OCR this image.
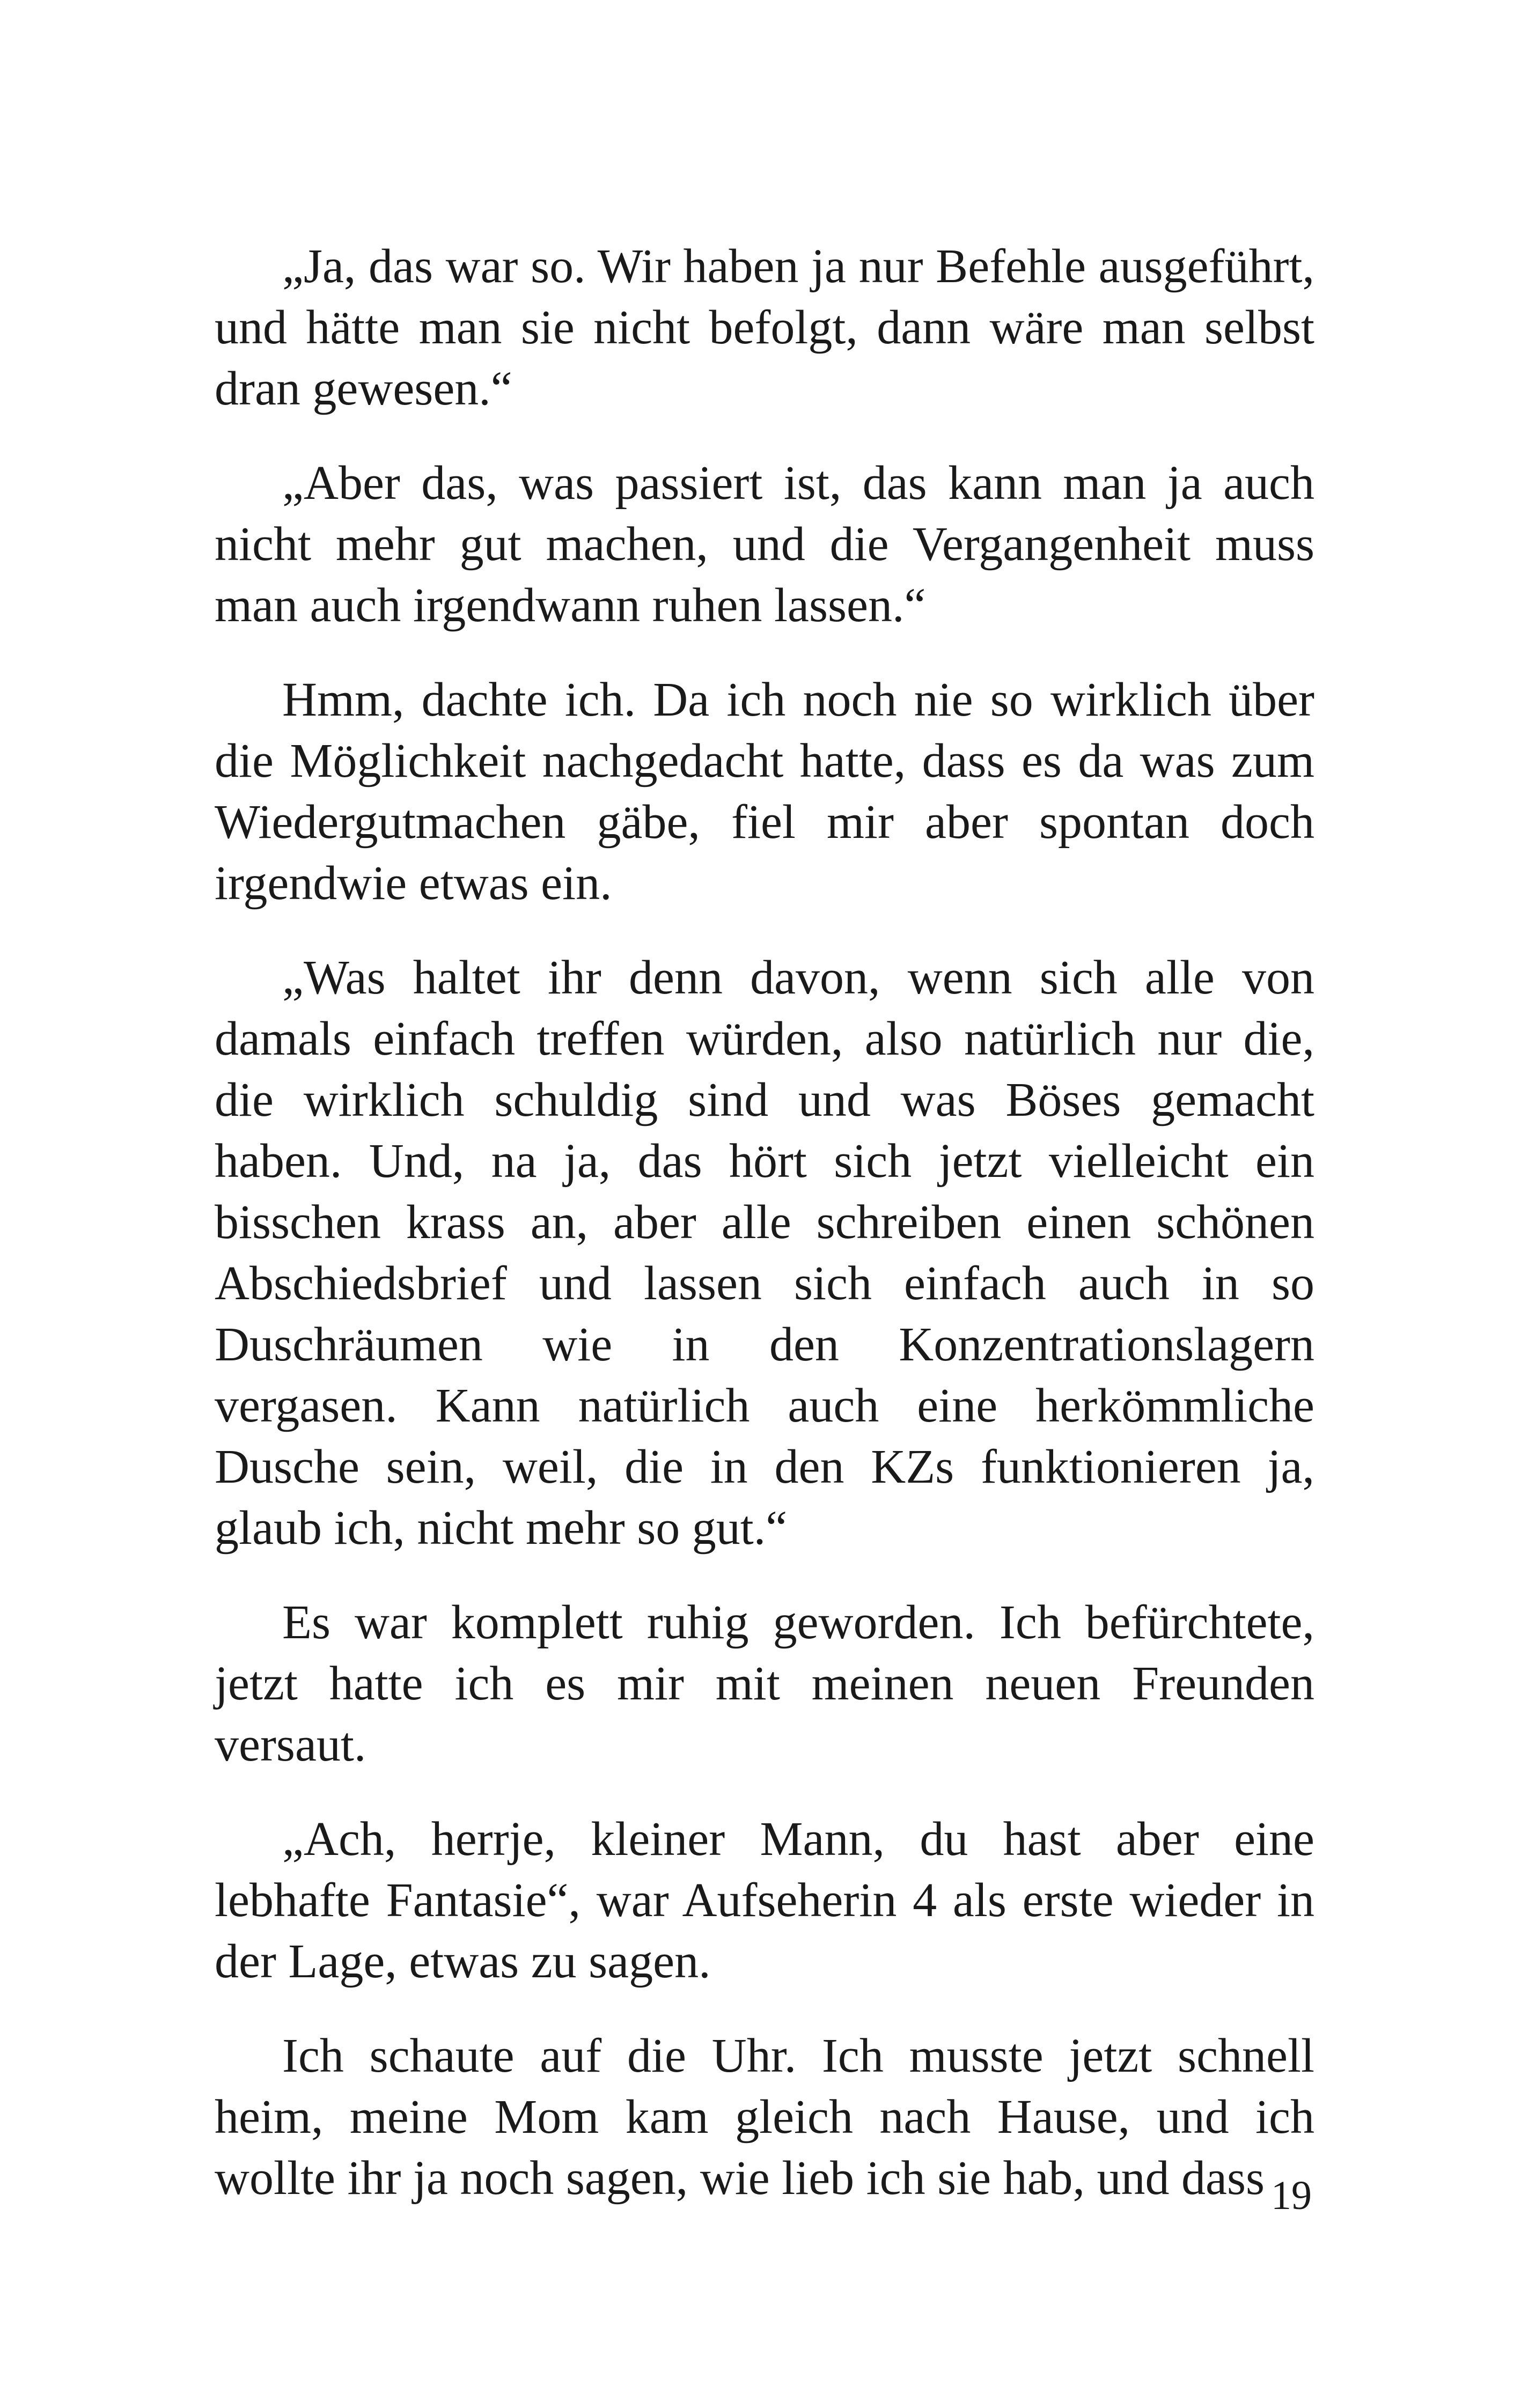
„Ja, das war so. Wir haben ja nur Befehle ausgeführt, und hätte man sie nicht befolgt, dann wäre man selbst dran gewesen.“

„Aber das, was passiert ist, das kann man ja auch nicht mehr gut machen, und die Vergangenheit muss man auch irgendwann ruhen lassen.“

Hmm, dachte ich. Da ich noch nie so wirklich über die Möglichkeit nachgedacht hatte, dass es da was zum Wiedergutmachen gäbe, fiel mir aber spontan doch irgendwie etwas ein.

„Was haltet ihr denn davon, wenn sich alle von damals einfach treffen würden, also natürlich nur die, die wirklich schuldig sind und was Böses gemacht haben. Und, na ja, das hört sich jetzt vielleicht ein bisschen krass an, aber alle schreiben einen schönen Abschiedsbrief und lassen sich einfach auch in so Duschräumen wie in den Konzentrationslagern vergasen. Kann natürlich auch eine herkömmliche Dusche sein, weil, die in den KZs funktionieren ja, glaub ich, nicht mehr so gut.“

Es war komplett ruhig geworden. Ich befürchtete, jetzt hatte ich es mir mit meinen neuen Freunden versaut.

„Ach, herrje, kleiner Mann, du hast aber eine lebhafte Fantasie“, war Aufseherin 4 als erste wieder in der Lage, etwas zu sagen.

Ich schaute auf die Uhr. Ich musste jetzt schnell heim, meine Mom kam gleich nach Hause, und ich wollte ihr ja noch sagen, wie lieb ich sie hab, und dass 19
